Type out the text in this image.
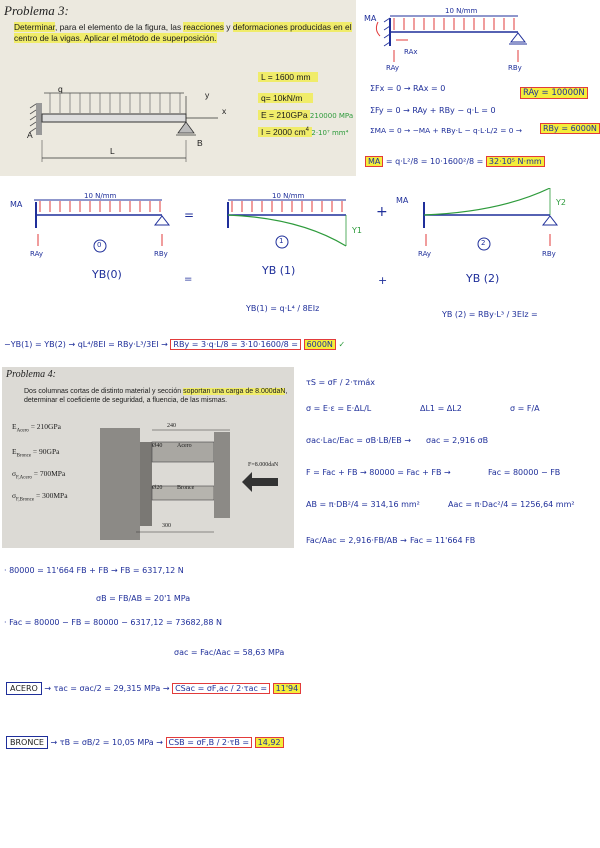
Problema 3:
Determinar, para el elemento de la figura, las reacciones y deformaciones producidas en el centro de la vigas. Aplicar el método de superposición.
q
y
x
A
B
L
L = 1600 mm
q= 10kN/m
E = 210GPa 210000 MPa
I = 2000 $cm^4$ 2·10⁷ mm⁴
10 N/mm
MA
RAx
RAy	RBy
ΣFx = 0 → RAx = 0
ΣFy = 0 → RAy + RBy − q·L = 0
RAy = 10000N
ΣMA = 0 → −MA + RBy·L − q·L·L/2 = 0 →	RBy = 6000N
MA = q·L²/8 = 10·1600²/8 = 32·10⁵ N·mm
10 N/mm	10 N/mm
MA	MA
RAy	RBy	RAy	RBy
Y1
Y2
=	+
0	1	2
YB(0)	YB (1)
YB (2)
=	+
YB(1) = q·L⁴ / 8EIz
YB (2) = RBy·L³ / 3EIz =
−YB(1) = YB(2) → qL⁴/8EI = RBy·L³/3EI → RBy = 3·q·L/8 = 3·10·1600/8 = 6000N ✓
Problema 4:
Dos columnas cortas de distinto material y sección soportan una carga de 8.000daN, determinar el coeficiente de seguridad, a fluencia, de las mismas.
$E_{Acero} = 210GPa$
$E_{Bronce} = 90GPa$
$\sigma_{F,Acero} = 700MPa$
$\sigma_{F,Bronce} = 300MPa$
240
Ø40 Acero
Ø20 Bronce
F=8.000daN
300
τS = σF / 2·τmáx
σ = E·ε = E·ΔL/L	ΔL1 = ΔL2	σ = F/A
σac·Lac/Eac = σB·LB/EB → σac = 2,916 σB
F = Fac + FB → 80000 = Fac + FB →	Fac = 80000 − FB
AB = π·DB²/4 = 314,16 mm²	Aac = π·Dac²/4 = 1256,64 mm²
Fac/Aac = 2,916·FB/AB → Fac = 11'664 FB
· 80000 = 11'664 FB + FB → FB = 6317,12 N
σB = FB/AB = 20'1 MPa
· Fac = 80000 − FB = 80000 − 6317,12 = 73682,88 N
σac = Fac/Aac = 58,63 MPa
ACERO → τac = σac/2 = 29,315 MPa → CSac = σF,ac / 2·τac = 11'94
BRONCE → τB = σB/2 = 10,05 MPa → CSB = σF,B / 2·τB = 14,92
